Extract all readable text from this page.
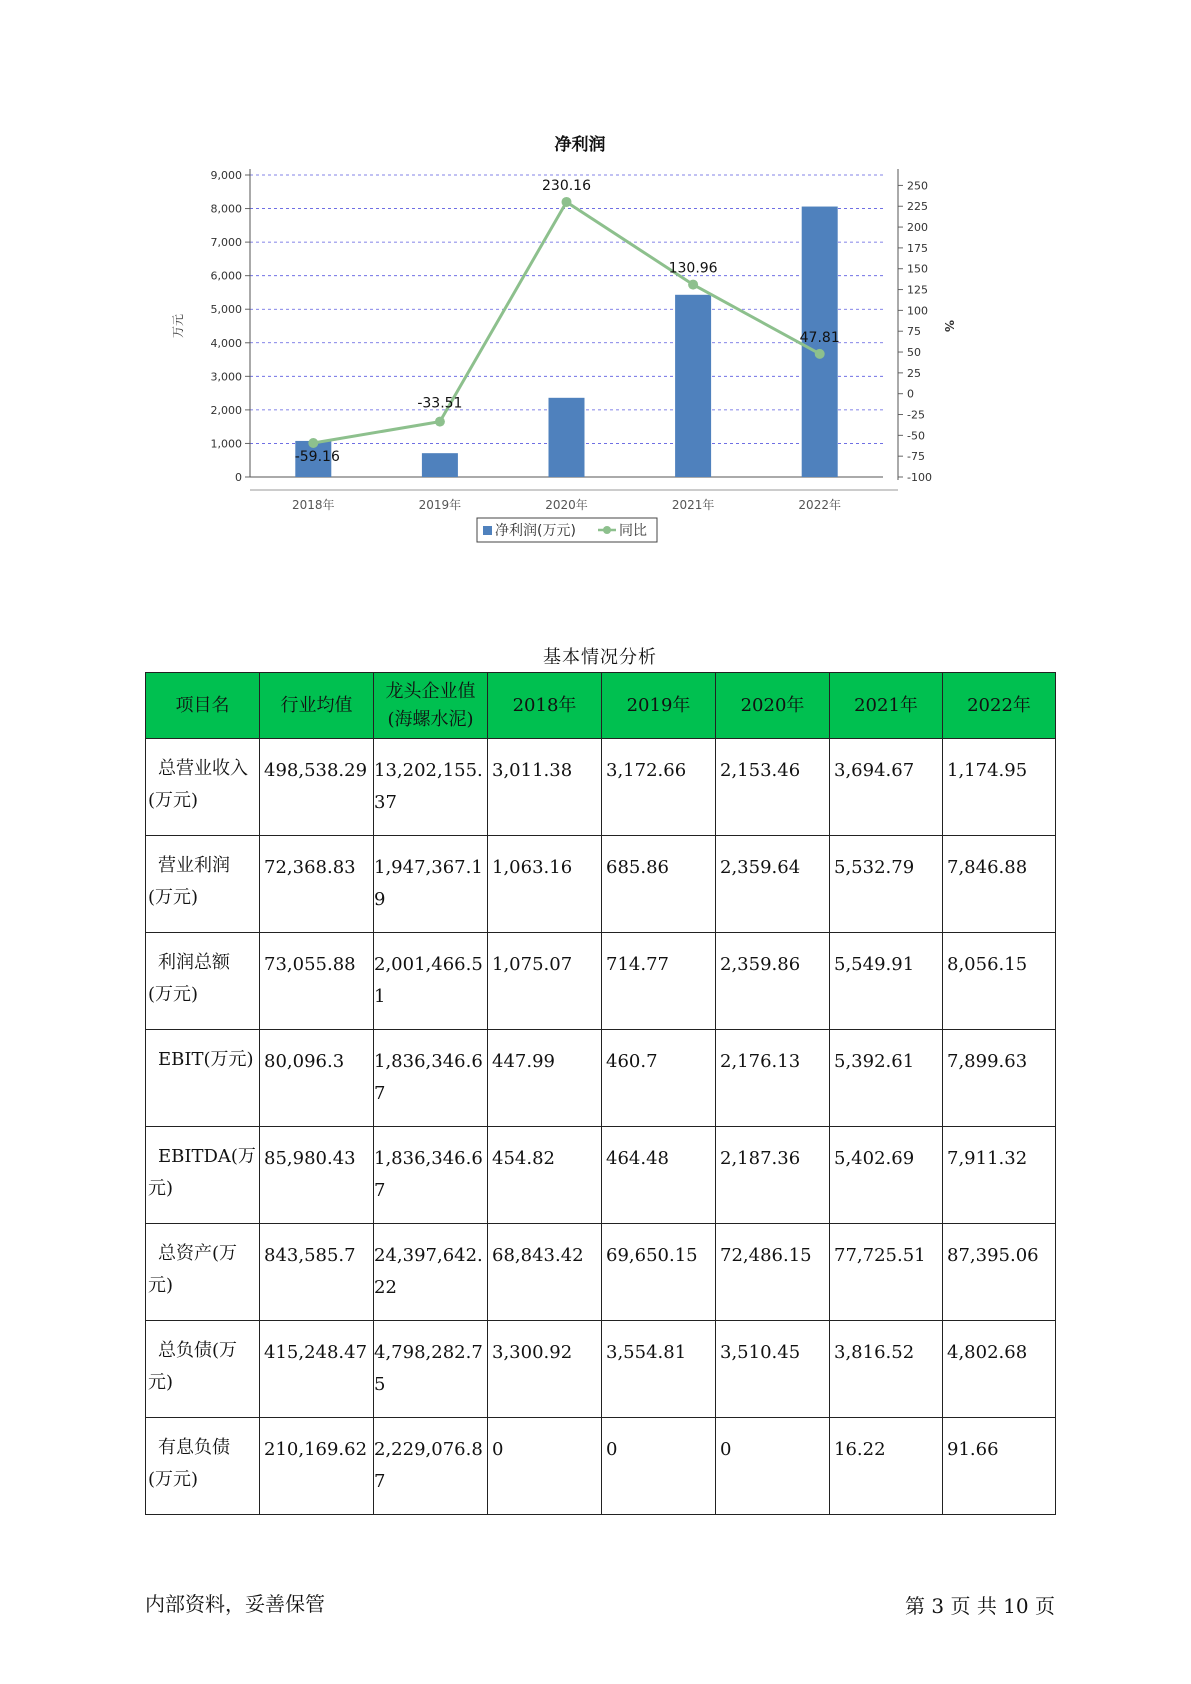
净利润
0
1,000
2,000
3,000
4,000
5,000
6,000
7,000
8,000
9,000
-100
-75
-50
-25
0
25
50
75
100
125
150
175
200
225
250
万元	%
2018年	2019年	2020年	2021年	2022年
-59.16
-33.51
230.16
130.96
47.81
净利润(万元)	同比
基本情况分析
项目名	行业均值	龙头企业值(海螺水泥)	2018年	2019年	2020年	2021年	2022年

总营业收入
(万元)	498,538.29	13,202,155.37	3,011.38	3,172.66	2,153.46	3,694.67	1,174.95

营业利润
(万元)	72,368.83	1,947,367.19	1,063.16	685.86	2,359.64	5,532.79	7,846.88

利润总额
(万元)	73,055.88	2,001,466.51	1,075.07	714.77	2,359.86	5,549.91	8,056.15

EBIT(万元)	80,096.3	1,836,346.67	447.99	460.7	2,176.13	5,392.61	7,899.63

EBITDA(万
元)	85,980.43	1,836,346.67	454.82	464.48	2,187.36	5,402.69	7,911.32

总资产(万
元)	843,585.7	24,397,642.22	68,843.42	69,650.15	72,486.15	77,725.51	87,395.06

总负债(万
元)	415,248.47	4,798,282.75	3,300.92	3,554.81	3,510.45	3,816.52	4,802.68

有息负债
(万元)	210,169.62	2,229,076.87	0	0	0	16.22	91.66
内部资料，妥善保管	第 3 页 共 10 页
